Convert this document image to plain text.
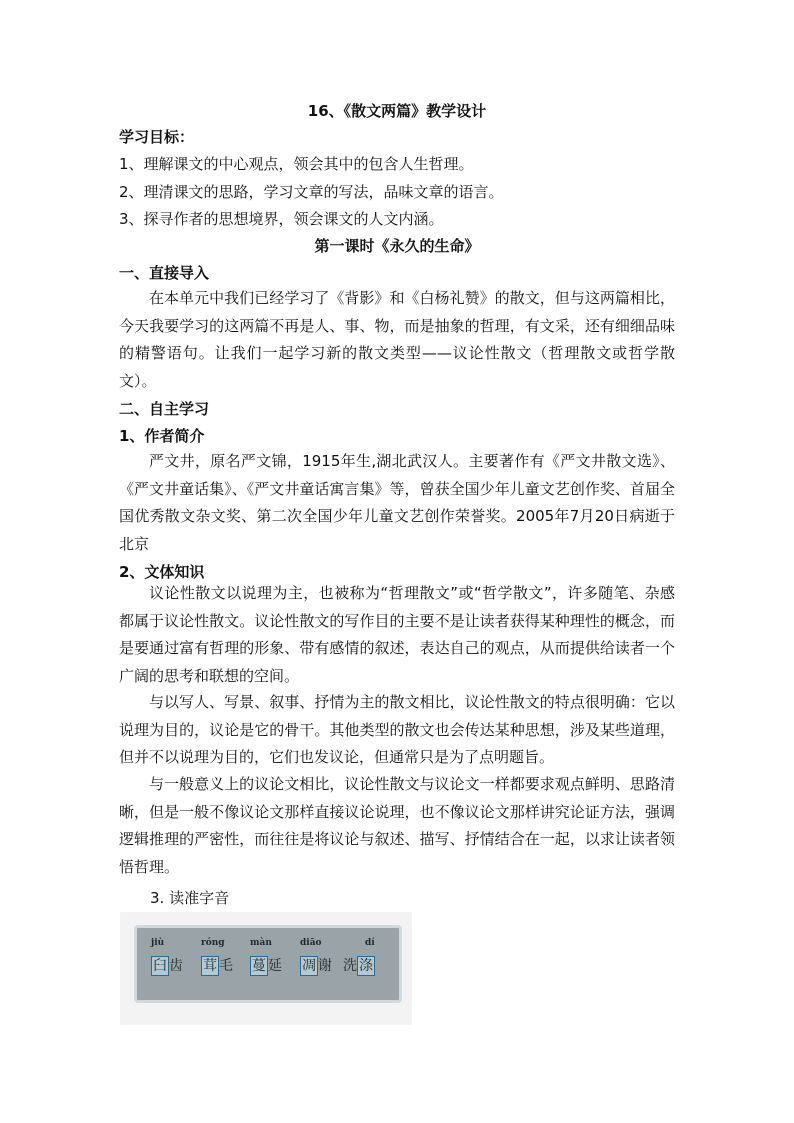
16、《散文两篇》教学设计
学习目标：
1、理解课文的中心观点，领会其中的包含人生哲理。
2、理清课文的思路，学习文章的写法，品味文章的语言。
3、探寻作者的思想境界，领会课文的人文内涵。
第一课时《永久的生命》
一、直接导入

在本单元中我们已经学习了《背影》和《白杨礼赞》的散文，但与这两篇相比，今天我要学习的这两篇不再是人、事、物，而是抽象的哲理，有文采，还有细细品味的精警语句。让我们一起学习新的散文类型——议论性散文（哲理散文或哲学散文）。

二、自主学习
1、作者简介

严文井，原名严文锦，1915年生,湖北武汉人。主要著作有《严文井散文选》、《严文井童话集》、《严文井童话寓言集》等，曾获全国少年儿童文艺创作奖、首届全国优秀散文杂文奖、第二次全国少年儿童文艺创作荣誉奖。2005年7月20日病逝于北京

2、文体知识

议论性散文以说理为主，也被称为“哲理散文”或“哲学散文”，许多随笔、杂感都属于议论性散文。议论性散文的写作目的主要不是让读者获得某种理性的概念，而是要通过富有哲理的形象、带有感情的叙述，表达自己的观点，从而提供给读者一个广阔的思考和联想的空间。

与以写人、写景、叙事、抒情为主的散文相比，议论性散文的特点很明确：它以说理为目的，议论是它的骨干。其他类型的散文也会传达某种思想，涉及某些道理，但并不以说理为目的，它们也发议论，但通常只是为了点明题旨。

与一般意义上的议论文相比，议论性散文与议论文一样都要求观点鲜明、思路清晰，但是一般不像议论文那样直接议论说理，也不像议论文那样讲究论证方法，强调逻辑推理的严密性，而往往是将议论与叙述、描写、抒情结合在一起，以求让读者领悟哲理。

3. 读准字音
jiù
臼 齿
róng
茸 毛
màn
蔓 延
diāo
凋 谢
dí
洗 涤
